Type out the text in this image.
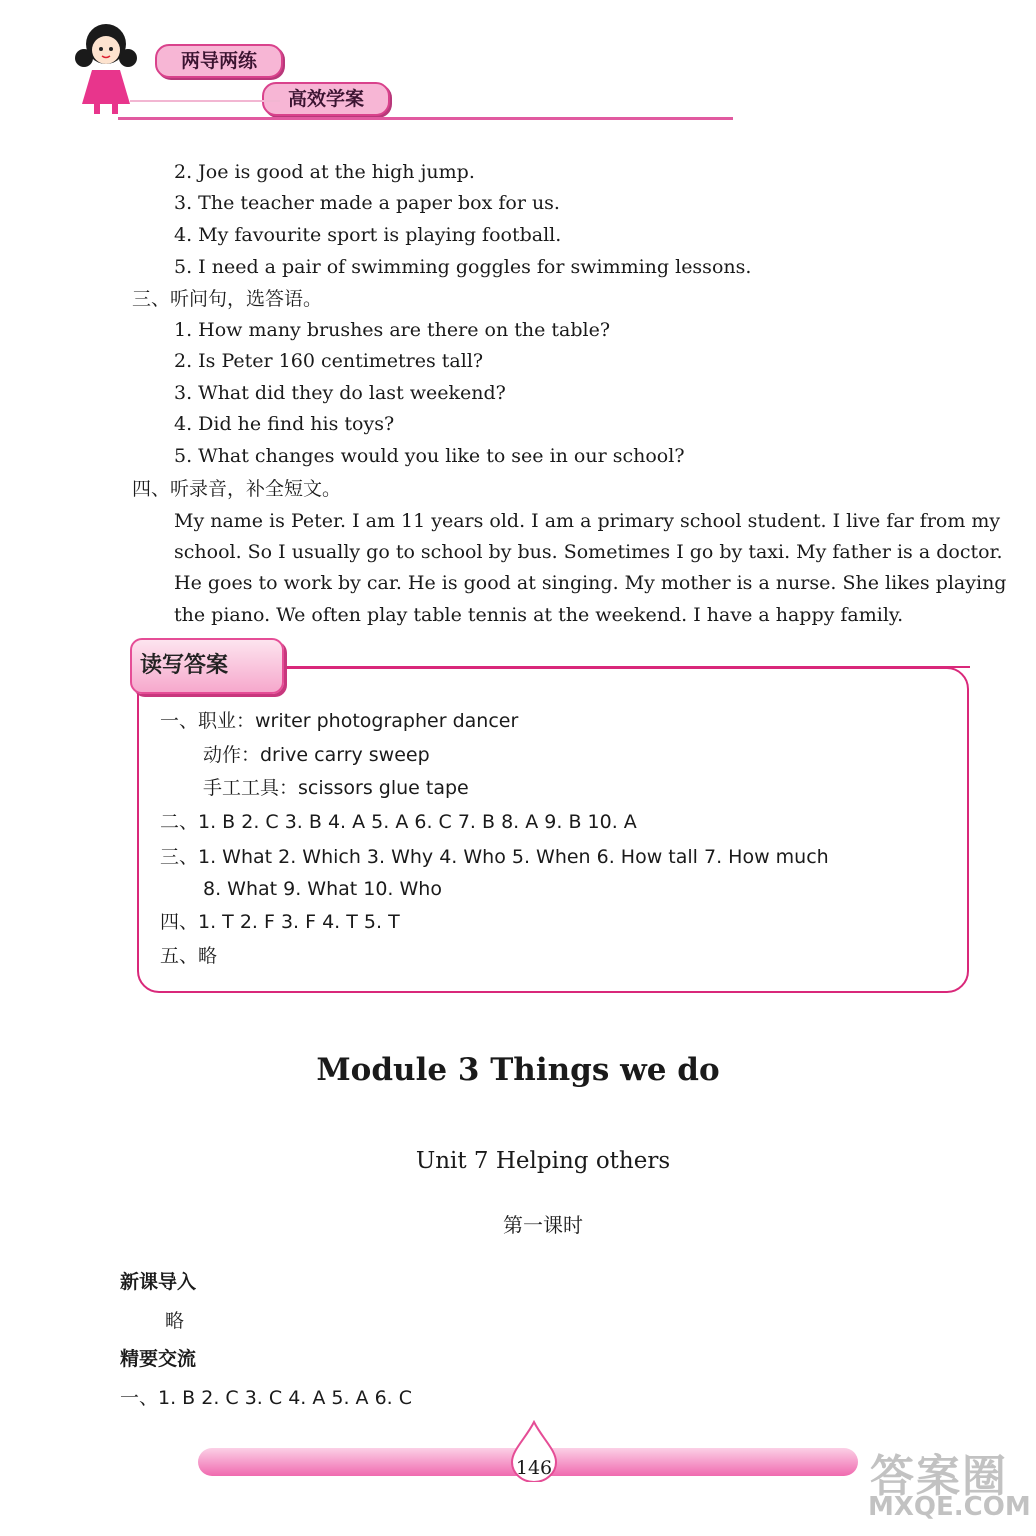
两导两练
高效学案
2. Joe is good at the high jump.
3. The teacher made a paper box for us.
4. My favourite sport is playing football.
5. I need a pair of swimming goggles for swimming lessons.
三、听问句，选答语。
1. How many brushes are there on the table?
2. Is Peter 160 centimetres tall?
3. What did they do last weekend?
4. Did he find his toys?
5. What changes would you like to see in our school?
四、听录音，补全短文。
My name is Peter. I am 11 years old. I am a primary school student. I live far from my
school. So I usually go to school by bus. Sometimes I go by taxi. My father is a doctor.
He goes to work by car. He is good at singing. My mother is a nurse. She likes playing
the piano. We often play table tennis at the weekend. I have a happy family.
读写答案
一、职业：writer photographer dancer
动作：drive carry sweep
手工工具：scissors glue tape
二、1. B 2. C 3. B 4. A 5. A 6. C 7. B 8. A 9. B 10. A
三、1. What 2. Which 3. Why 4. Who 5. When 6. How tall 7. How much
8. What 9. What 10. Who
四、1. T 2. F 3. F 4. T 5. T
五、略
Module 3 Things we do
Unit 7 Helping others
第一课时
新课导入
略
精要交流
一、1. B 2. C 3. C 4. A 5. A 6. C
146	答案圈
MXQE.COM
